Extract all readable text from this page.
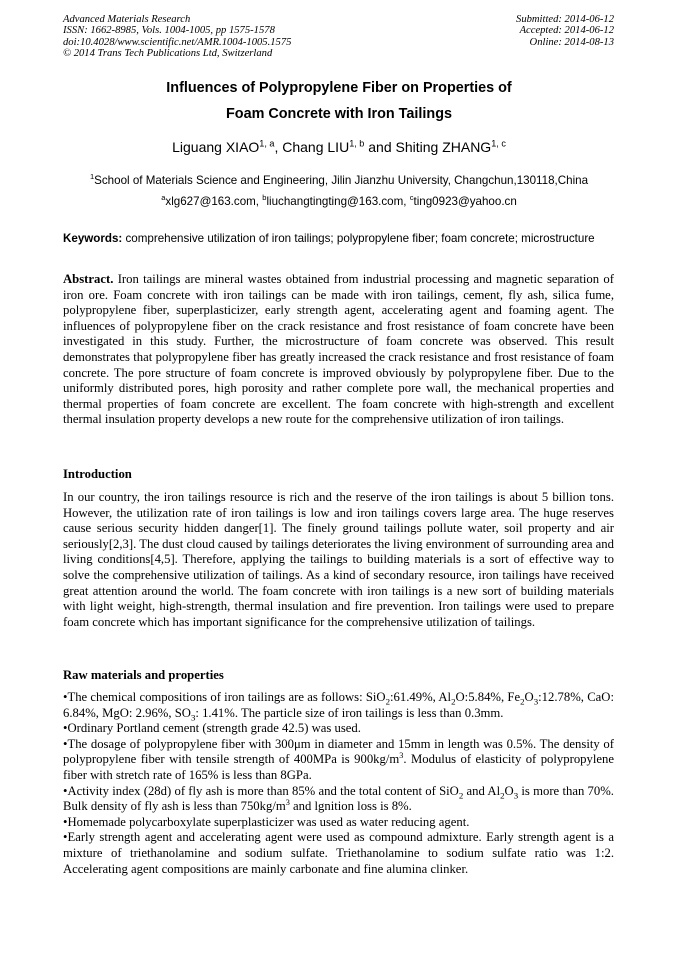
Advanced Materials Research
ISSN: 1662-8985, Vols. 1004-1005, pp 1575-1578
doi:10.4028/www.scientific.net/AMR.1004-1005.1575
© 2014 Trans Tech Publications Ltd, Switzerland
Submitted: 2014-06-12
Accepted: 2014-06-12
Online: 2014-08-13
Influences of Polypropylene Fiber on Properties of
Foam Concrete with Iron Tailings
Liguang XIAO$^{1, a}$, Chang LIU$^{1, b}$ and Shiting ZHANG$^{1, c}$
$^1$School of Materials Science and Engineering, Jilin Jianzhu University, Changchun,130118,China
$^a$xlg627@163.com, $^b$liuchangtingting@163.com, $^c$ting0923@yahoo.cn
Keywords: comprehensive utilization of iron tailings; polypropylene fiber; foam concrete; microstructure
Abstract. Iron tailings are mineral wastes obtained from industrial processing and magnetic separation of iron ore. Foam concrete with iron tailings can be made with iron tailings, cement, fly ash, silica fume, polypropylene fiber, superplasticizer, early strength agent, accelerating agent and foaming agent. The influences of polypropylene fiber on the crack resistance and frost resistance of foam concrete have been investigated in this study. Further, the microstructure of foam concrete was observed. This result demonstrates that polypropylene fiber has greatly increased the crack resistance and frost resistance of foam concrete. The pore structure of foam concrete is improved obviously by polypropylene fiber. Due to the uniformly distributed pores, high porosity and rather complete pore wall, the mechanical properties and thermal properties of foam concrete are excellent. The foam concrete with high-strength and excellent thermal insulation property develops a new route for the comprehensive utilization of iron tailings.
Introduction
In our country, the iron tailings resource is rich and the reserve of the iron tailings is about 5 billion tons. However, the utilization rate of iron tailings is low and iron tailings covers large area. The huge reserves cause serious security hidden danger[1]. The finely ground tailings pollute water, soil property and air seriously[2,3]. The dust cloud caused by tailings deteriorates the living environment of surrounding area and living conditions[4,5]. Therefore, applying the tailings to building materials is a sort of effective way to solve the comprehensive utilization of tailings. As a kind of secondary resource, iron tailings have received great attention around the world. The foam concrete with iron tailings is a new sort of building materials with light weight, high-strength, thermal insulation and fire prevention. Iron tailings were used to prepare foam concrete which has important significance for the comprehensive utilization of tailings.
Raw materials and properties
•The chemical compositions of iron tailings are as follows: SiO$_2$:61.49%, $Al_2O:5.84\%$, $Fe_2O_3:12.78\%$, CaO: 6.84%, MgO: 2.96%, $SO_3$: 1.41%. The particle size of iron tailings is less than 0.3mm.
•Ordinary Portland cement (strength grade 42.5) was used.
•The dosage of polypropylene fiber with 300μm in diameter and 15mm in length was 0.5%. The density of polypropylene fiber with tensile strength of 400MPa is $900kg/m^3$. Modulus of elasticity of polypropylene fiber with stretch rate of 165% is less than 8GPa.
•Activity index (28d) of fly ash is more than 85% and the total content of SiO$_2$ and $Al_2O_3$ is more than 70%. Bulk density of fly ash is less than $750kg/m^3$ and lgnition loss is 8%.
•Homemade polycarboxylate superplasticizer was used as water reducing agent.
•Early strength agent and accelerating agent were used as compound admixture. Early strength agent is a mixture of triethanolamine and sodium sulfate. Triethanolamine to sodium sulfate ratio was 1:2. Accelerating agent compositions are mainly carbonate and fine alumina clinker.
